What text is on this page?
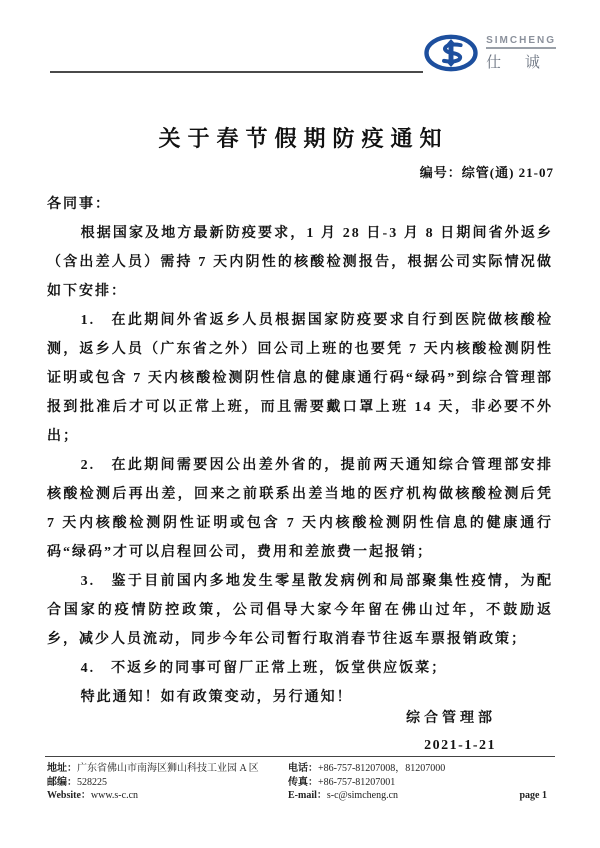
SIMCHENG
仕 诚
关于春节假期防疫通知
编号：综管(通) 21-07

各同事：

根据国家及地方最新防疫要求，1 月 28 日-3 月 8 日期间省外返乡（含出差人员）需持 7 天内阴性的核酸检测报告，根据公司实际情况做如下安排：

1. 在此期间外省返乡人员根据国家防疫要求自行到医院做核酸检测，返乡人员（广东省之外）回公司上班的也要凭 7 天内核酸检测阴性证明或包含 7 天内核酸检测阴性信息的健康通行码“绿码”到综合管理部报到批准后才可以正常上班，而且需要戴口罩上班 14 天，非必要不外出；

2. 在此期间需要因公出差外省的，提前两天通知综合管理部安排核酸检测后再出差，回来之前联系出差当地的医疗机构做核酸检测后凭 7 天内核酸检测阴性证明或包含 7 天内核酸检测阴性信息的健康通行码“绿码”才可以启程回公司，费用和差旅费一起报销；

3. 鉴于目前国内多地发生零星散发病例和局部聚集性疫情，为配合国家的疫情防控政策，公司倡导大家今年留在佛山过年，不鼓励返乡，减少人员流动，同步今年公司暂行取消春节往返车票报销政策；

4. 不返乡的同事可留厂正常上班，饭堂供应饭菜；

特此通知！如有政策变动，另行通知！

综合管理部
2021-1-21
地址：广东省佛山市南海区狮山科技工业园 A 区	电话：+86-757-81207008，81207000
邮编：528225	传真：+86-757-81207001
Website：www.s-c.cn	E-mail：s-c@simcheng.cn	page 1
